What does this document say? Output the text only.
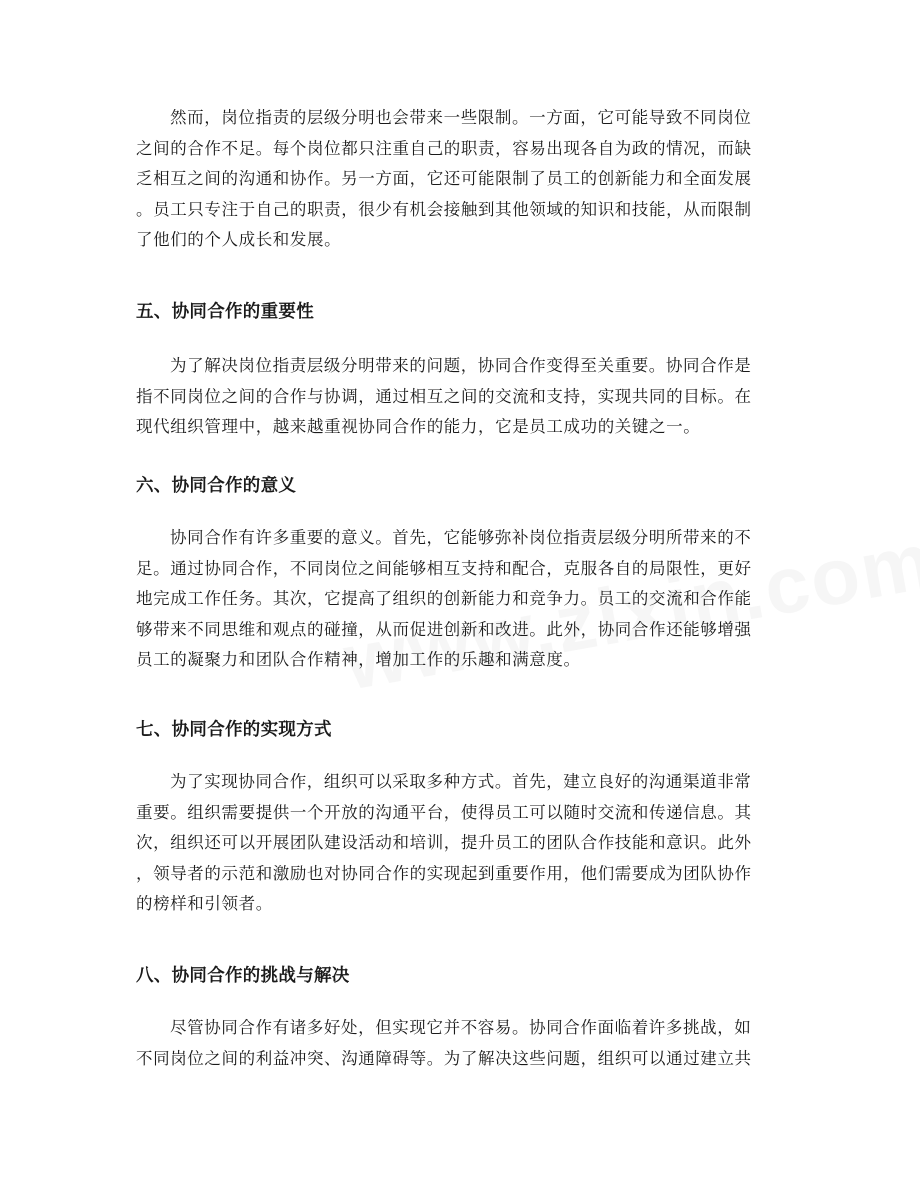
然而，岗位指责的层级分明也会带来一些限制。一方面，它可能导致不同岗位
之间的合作不足。每个岗位都只注重自己的职责，容易出现各自为政的情况，而缺
乏相互之间的沟通和协作。另一方面，它还可能限制了员工的创新能力和全面发展
。员工只专注于自己的职责，很少有机会接触到其他领域的知识和技能，从而限制
了他们的个人成长和发展。

五、协同合作的重要性

为了解决岗位指责层级分明带来的问题，协同合作变得至关重要。协同合作是
指不同岗位之间的合作与协调，通过相互之间的交流和支持，实现共同的目标。在
现代组织管理中，越来越重视协同合作的能力，它是员工成功的关键之一。

六、协同合作的意义

协同合作有许多重要的意义。首先，它能够弥补岗位指责层级分明所带来的不
足。通过协同合作，不同岗位之间能够相互支持和配合，克服各自的局限性，更好
地完成工作任务。其次，它提高了组织的创新能力和竞争力。员工的交流和合作能
够带来不同思维和观点的碰撞，从而促进创新和改进。此外，协同合作还能够增强
员工的凝聚力和团队合作精神，增加工作的乐趣和满意度。

七、协同合作的实现方式

为了实现协同合作，组织可以采取多种方式。首先，建立良好的沟通渠道非常
重要。组织需要提供一个开放的沟通平台，使得员工可以随时交流和传递信息。其
次，组织还可以开展团队建设活动和培训，提升员工的团队合作技能和意识。此外
，领导者的示范和激励也对协同合作的实现起到重要作用，他们需要成为团队协作
的榜样和引领者。

八、协同合作的挑战与解决

尽管协同合作有诸多好处，但实现它并不容易。协同合作面临着许多挑战，如
不同岗位之间的利益冲突、沟通障碍等。为了解决这些问题，组织可以通过建立共
